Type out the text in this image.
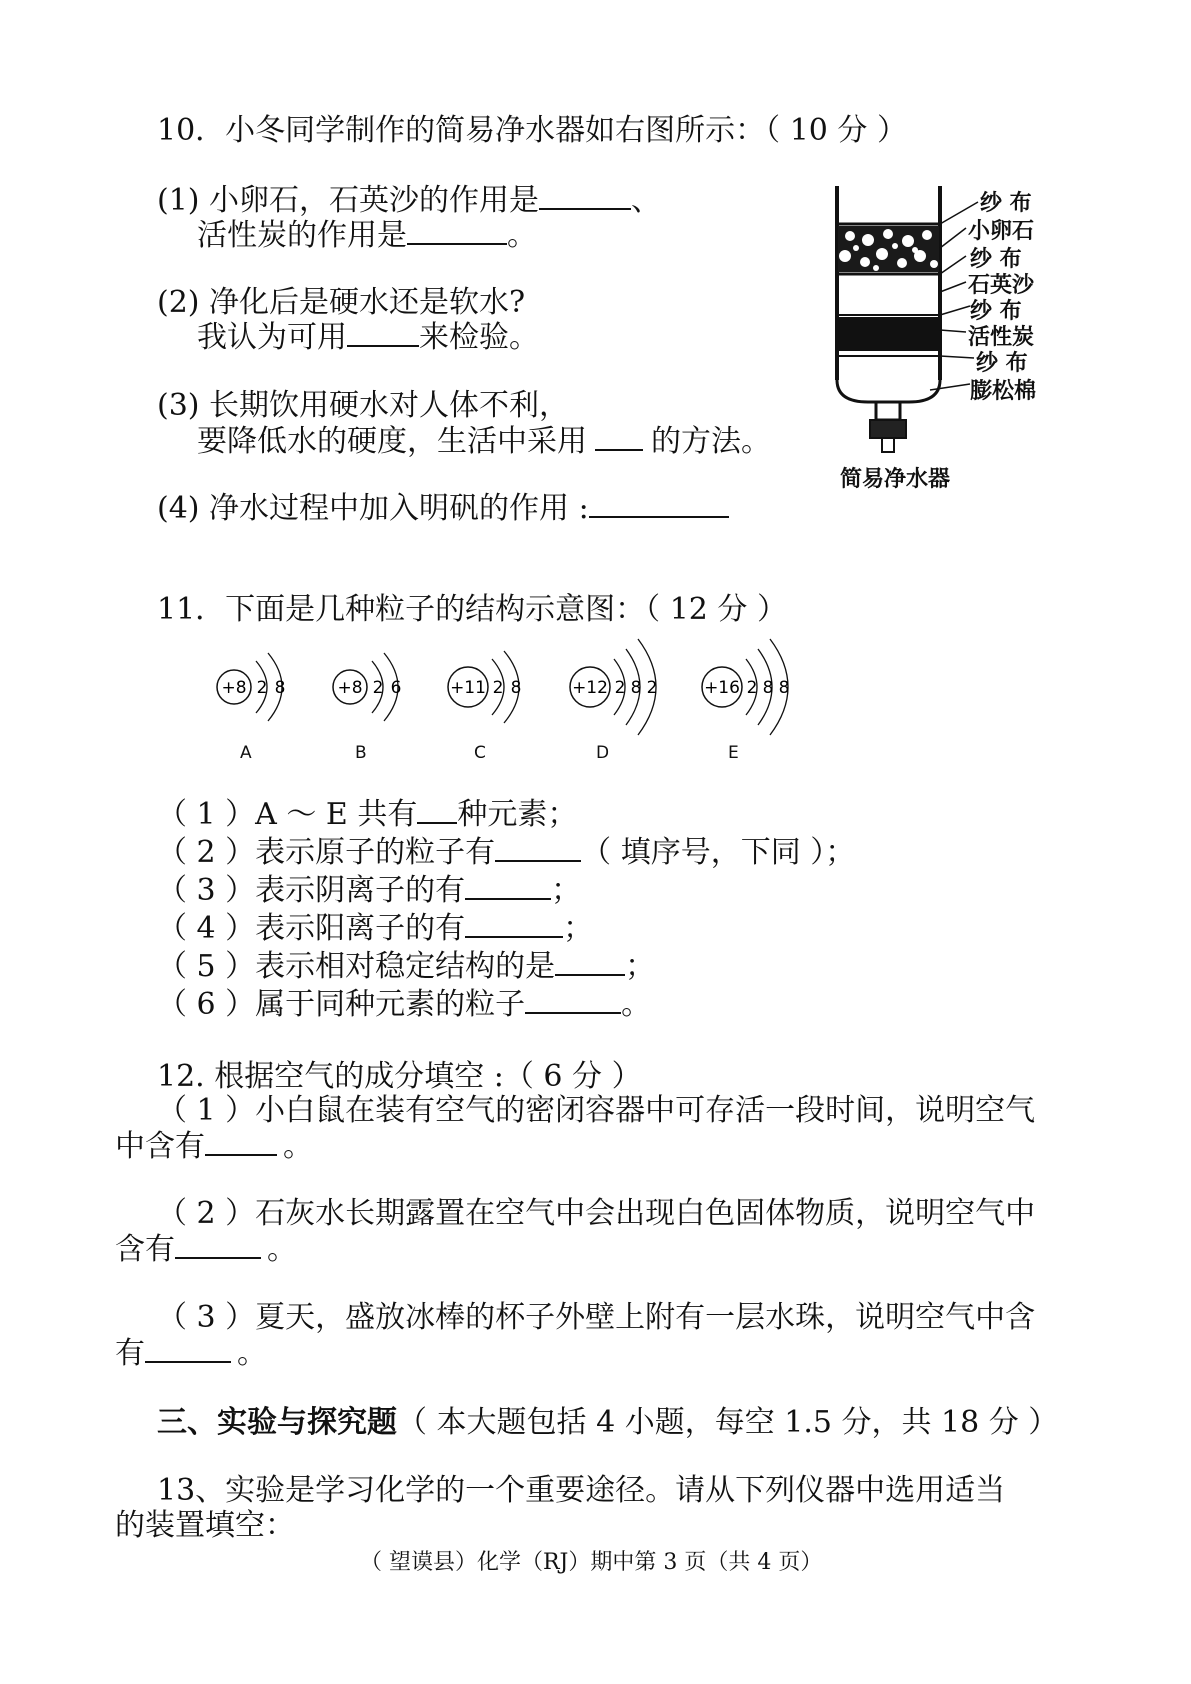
10．小冬同学制作的简易净水器如右图所示：（ 10 分 ）
(1) 小卵石，石英沙的作用是	、
活性炭的作用是	。
(2) 净化后是硬水还是软水?
我认为可用 来检验。
(3) 长期饮用硬水对人体不利，
要降低水的硬度，生活中采用 的方法。
(4) 净水过程中加入明矾的作用 :
纱 布
小卵石
纱 布
石英沙
纱 布
活性炭
纱 布
膨松棉
简易净水器
11．下面是几种粒子的结构示意图：（ 12 分 ）
+8 2 8	+8 2 6	+11 2 8	+12 2 8 2	+16 2 8 8
A	B	C	D	E
（ 1 ）A ～ E 共有 种元素；
（ 2 ）表示原子的粒子有	（ 填序号，下同 ）；
（ 3 ）表示阴离子的有	；
（ 4 ）表示阳离子的有	；
（ 5 ）表示相对稳定结构的是 ；
（ 6 ）属于同种元素的粒子	。
12. 根据空气的成分填空 :（ 6 分 ）
（ 1 ）小白鼠在装有空气的密闭容器中可存活一段时间，说明空气
中含有	。
（ 2 ）石灰水长期露置在空气中会出现白色固体物质，说明空气中
含有	。
（ 3 ）夏天，盛放冰棒的杯子外壁上附有一层水珠，说明空气中含
有	。
三、实验与探究题（ 本大题包括 4 小题，每空 1.5 分，共 18 分 ）
13、实验是学习化学的一个重要途径。请从下列仪器中选用适当
的装置填空：
（ 望谟县）化学（RJ）期中第 3 页（共 4 页）
